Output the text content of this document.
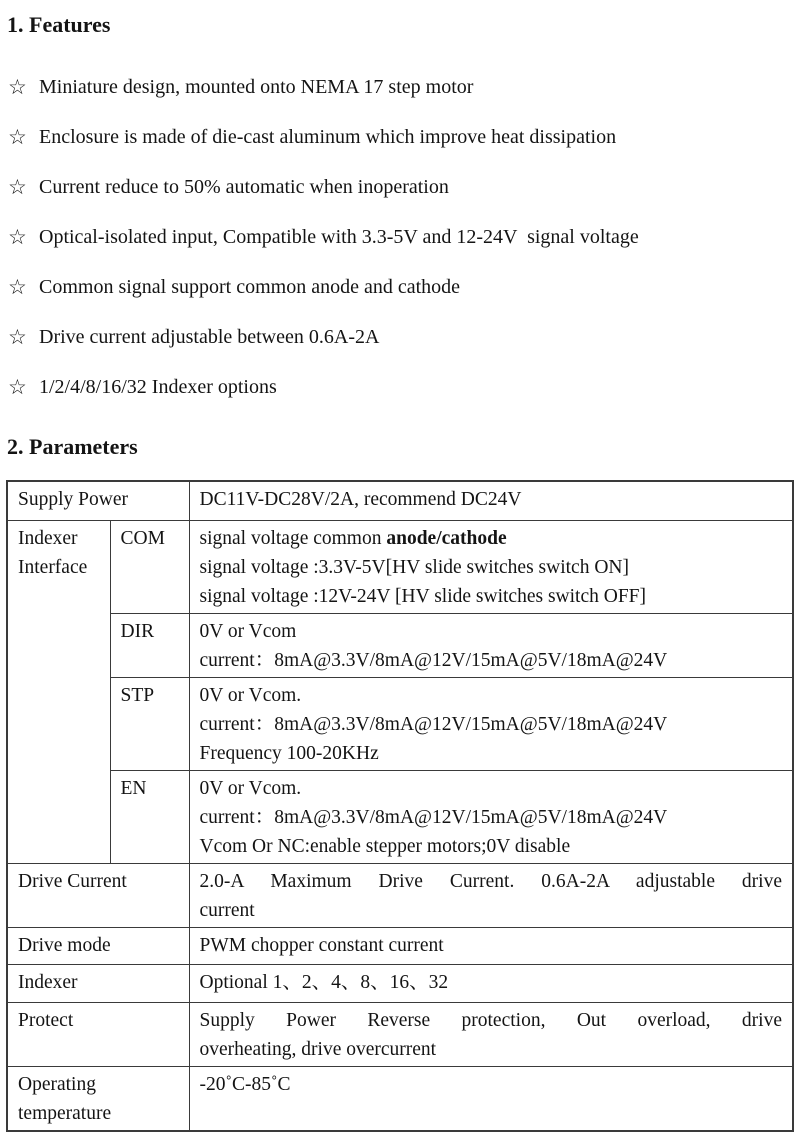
1. Features
☆ Miniature design, mounted onto NEMA 17 step motor
☆ Enclosure is made of die-cast aluminum which improve heat dissipation
☆ Current reduce to 50% automatic when inoperation
☆ Optical-isolated input, Compatible with 3.3-5V and 12-24V  signal voltage
☆ Common signal support common anode and cathode
☆ Drive current adjustable between 0.6A-2A
☆ 1/2/4/8/16/32 Indexer options
2. Parameters
Supply Power		DC11V-DC28V/2A, recommend DC24V
Indexer Interface	COM	signal voltage common anode/cathode
signal voltage :3.3V-5V[HV slide switches switch ON]
signal voltage :12V-24V [HV slide switches switch OFF]

	DIR	0V or Vcom
current：8mA@3.3V/8mA@12V/15mA@5V/18mA@24V

	STP	0V or Vcom.
current：8mA@3.3V/8mA@12V/15mA@5V/18mA@24V
Frequency 100-20KHz

	EN	0V or Vcom.
current：8mA@3.3V/8mA@12V/15mA@5V/18mA@24V
Vcom Or NC:enable stepper motors;0V disable

Drive Current		2.0-A Maximum Drive Current. 0.6A-2A adjustable drive
current

Drive mode		PWM chopper constant current
Indexer		Optional 1、2、4、8、16、32
Protect		Supply Power Reverse protection, Out overload, drive
overheating, drive overcurrent

Operating temperature		-20˚C-85˚C
